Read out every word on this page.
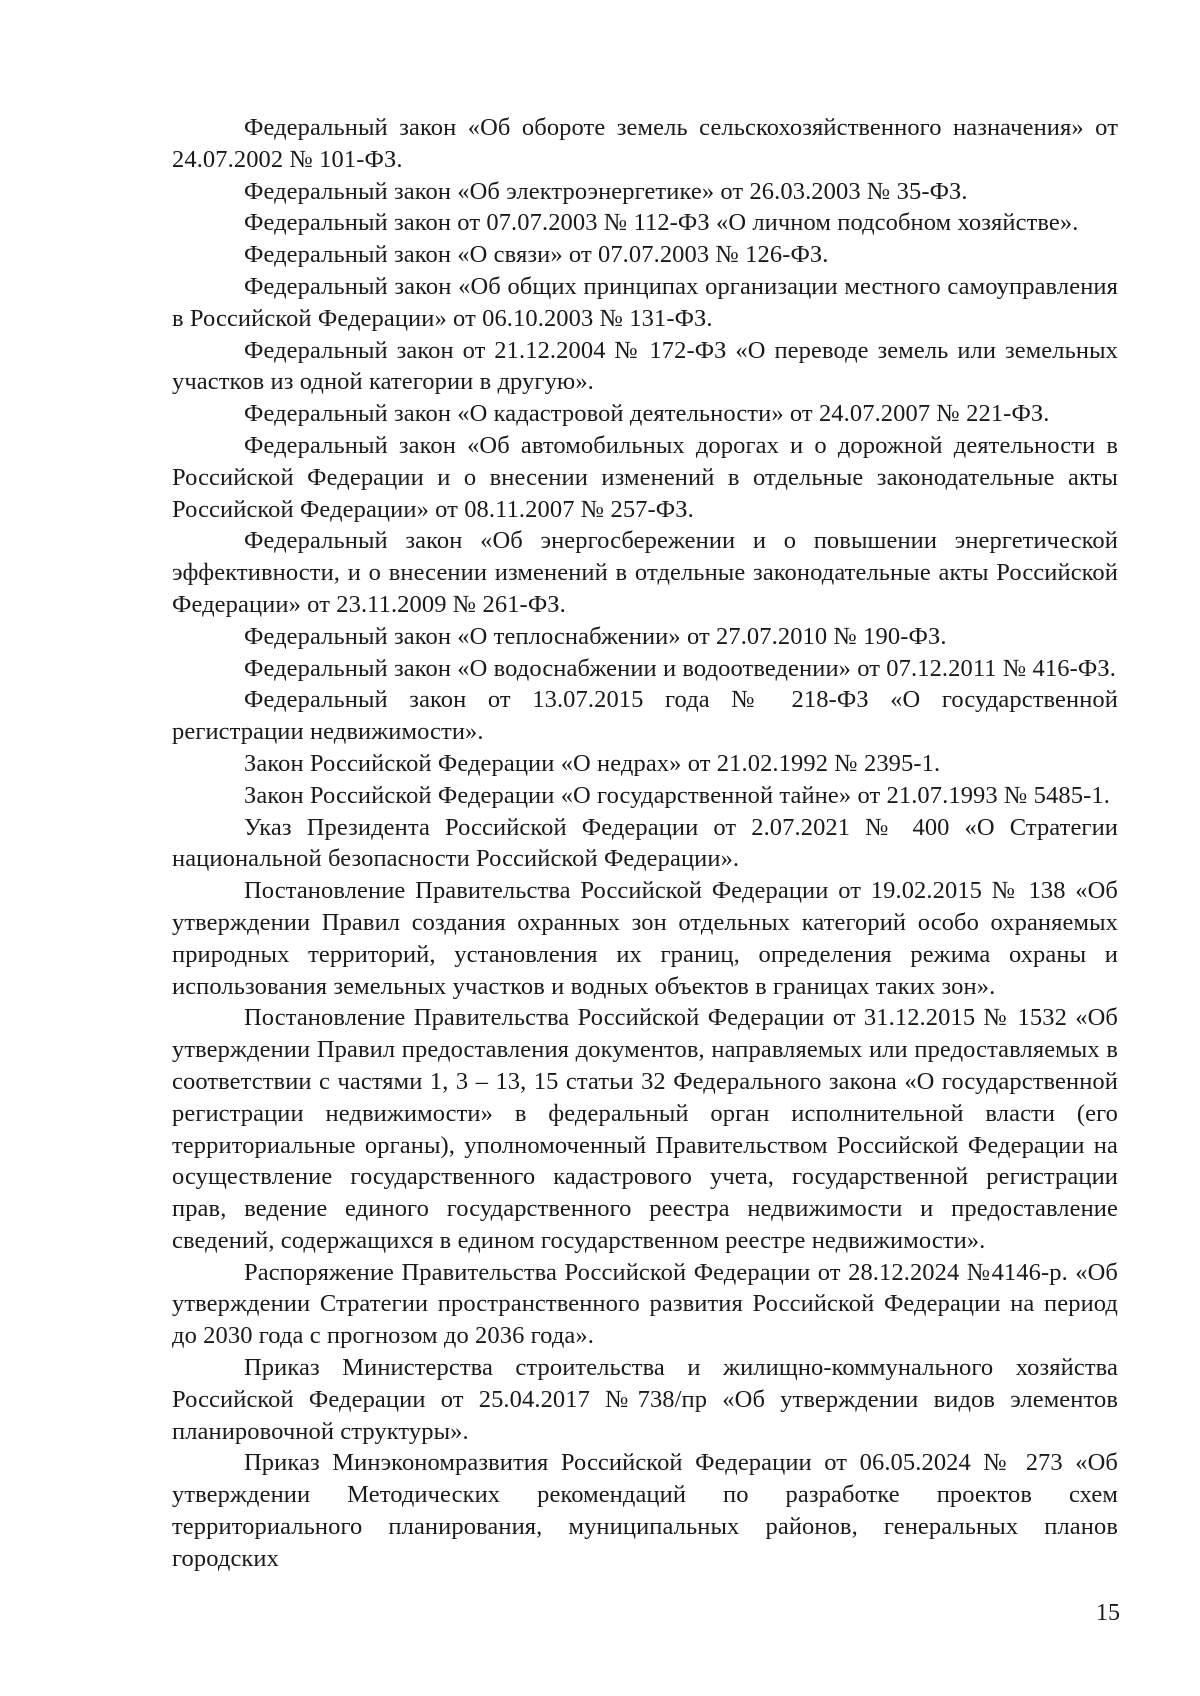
Федеральный закон «Об обороте земель сельскохозяйственного назначения» от 24.07.2002 № 101-ФЗ.

Федеральный закон «Об электроэнергетике» от 26.03.2003 № 35-ФЗ.

Федеральный закон от 07.07.2003 № 112-ФЗ «О личном подсобном хозяйстве».

Федеральный закон «О связи» от 07.07.2003 № 126-ФЗ.

Федеральный закон «Об общих принципах организации местного самоуправления в Российской Федерации» от 06.10.2003 № 131-ФЗ.

Федеральный закон от 21.12.2004 № 172-ФЗ «О переводе земель или земельных участков из одной категории в другую».

Федеральный закон «О кадастровой деятельности» от 24.07.2007 № 221-ФЗ.

Федеральный закон «Об автомобильных дорогах и о дорожной деятельности в Российской Федерации и о внесении изменений в отдельные законодательные акты Российской Федерации» от 08.11.2007 № 257-ФЗ.

Федеральный закон «Об энергосбережении и о повышении энергетической эффективности, и о внесении изменений в отдельные законодательные акты Российской Федерации» от 23.11.2009 № 261-ФЗ.

Федеральный закон «О теплоснабжении» от 27.07.2010 № 190-ФЗ.

Федеральный закон «О водоснабжении и водоотведении» от 07.12.2011 № 416-ФЗ.

Федеральный закон от 13.07.2015 года № 218-ФЗ «О государственной регистрации недвижимости».

Закон Российской Федерации «О недрах» от 21.02.1992 № 2395-1.

Закон Российской Федерации «О государственной тайне» от 21.07.1993 № 5485-1.

Указ Президента Российской Федерации от 2.07.2021 № 400 «О Стратегии национальной безопасности Российской Федерации».

Постановление Правительства Российской Федерации от 19.02.2015 № 138 «Об утверждении Правил создания охранных зон отдельных категорий особо охраняемых природных территорий, установления их границ, определения режима охраны и использования земельных участков и водных объектов в границах таких зон».

Постановление Правительства Российской Федерации от 31.12.2015 № 1532 «Об утверждении Правил предоставления документов, направляемых или предоставляемых в соответствии с частями 1, 3 – 13, 15 статьи 32 Федерального закона «О государственной регистрации недвижимости» в федеральный орган исполнительной власти (его территориальные органы), уполномоченный Правительством Российской Федерации на осуществление государственного кадастрового учета, государственной регистрации прав, ведение единого государственного реестра недвижимости и предоставление сведений, содержащихся в едином государственном реестре недвижимости».

Распоряжение Правительства Российской Федерации от 28.12.2024 №4146-р. «Об утверждении Стратегии пространственного развития Российской Федерации на период до 2030 года с прогнозом до 2036 года».

Приказ Министерства строительства и жилищно-коммунального хозяйства Российской Федерации от 25.04.2017 №738/пр «Об утверждении видов элементов планировочной структуры».

Приказ Минэкономразвития Российской Федерации от 06.05.2024 № 273 «Об утверждении Методических рекомендаций по разработке проектов схем территориального планирования, муниципальных районов, генеральных планов городских

15
